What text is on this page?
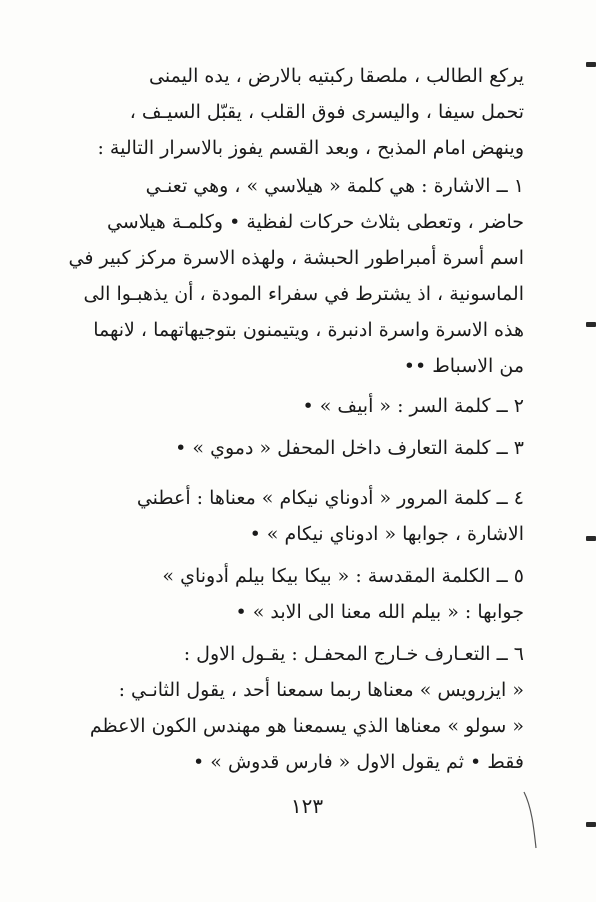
يركع الطالب ، ملصقا ركبتيه بالارض ، يده اليمنى
تحمل سيفا ، واليسرى فوق القلب ، يقبّل السيـف ،
وينهض امام المذبح ، وبعد القسم يفوز بالاسرار التالية :
١ ــ الاشارة : هي كلمة « هيلاسي » ، وهي تعنـي
حاضر ، وتعطى بثلاث حركات لفظية • وكلمـة هيلاسي
اسم أسرة أمبراطور الحبشة ، ولهذه الاسرة مركز كبير في
الماسونية ، اذ يشترط في سفراء المودة ، أن يذهبـوا الى
هذه الاسرة واسرة ادنبرة ، ويتيمنون بتوجيهاتهما ، لانهما
من الاسباط ••
٢ ــ كلمة السر : « أبيف » •
٣ ــ كلمة التعارف داخل المحفل « دموي » •
٤ ــ كلمة المرور « أدوناي نيكام » معناها : أعطني
الاشارة ، جوابها « ادوناي نيكام » •
٥ ــ الكلمة المقدسة : « بيكا بيكا بيلم أدوناي »
جوابها : « بيلم الله معنا الى الابد » •
٦ ــ التعـارف خـارج المحفـل : يقـول الاول :
« ايزرويس » معناها ربما سمعنا أحد ، يقول الثانـي :
« سولو » معناها الذي يسمعنا هو مهندس الكون الاعظم
فقط • ثم يقول الاول « فارس قدوش » •
١٢٣
